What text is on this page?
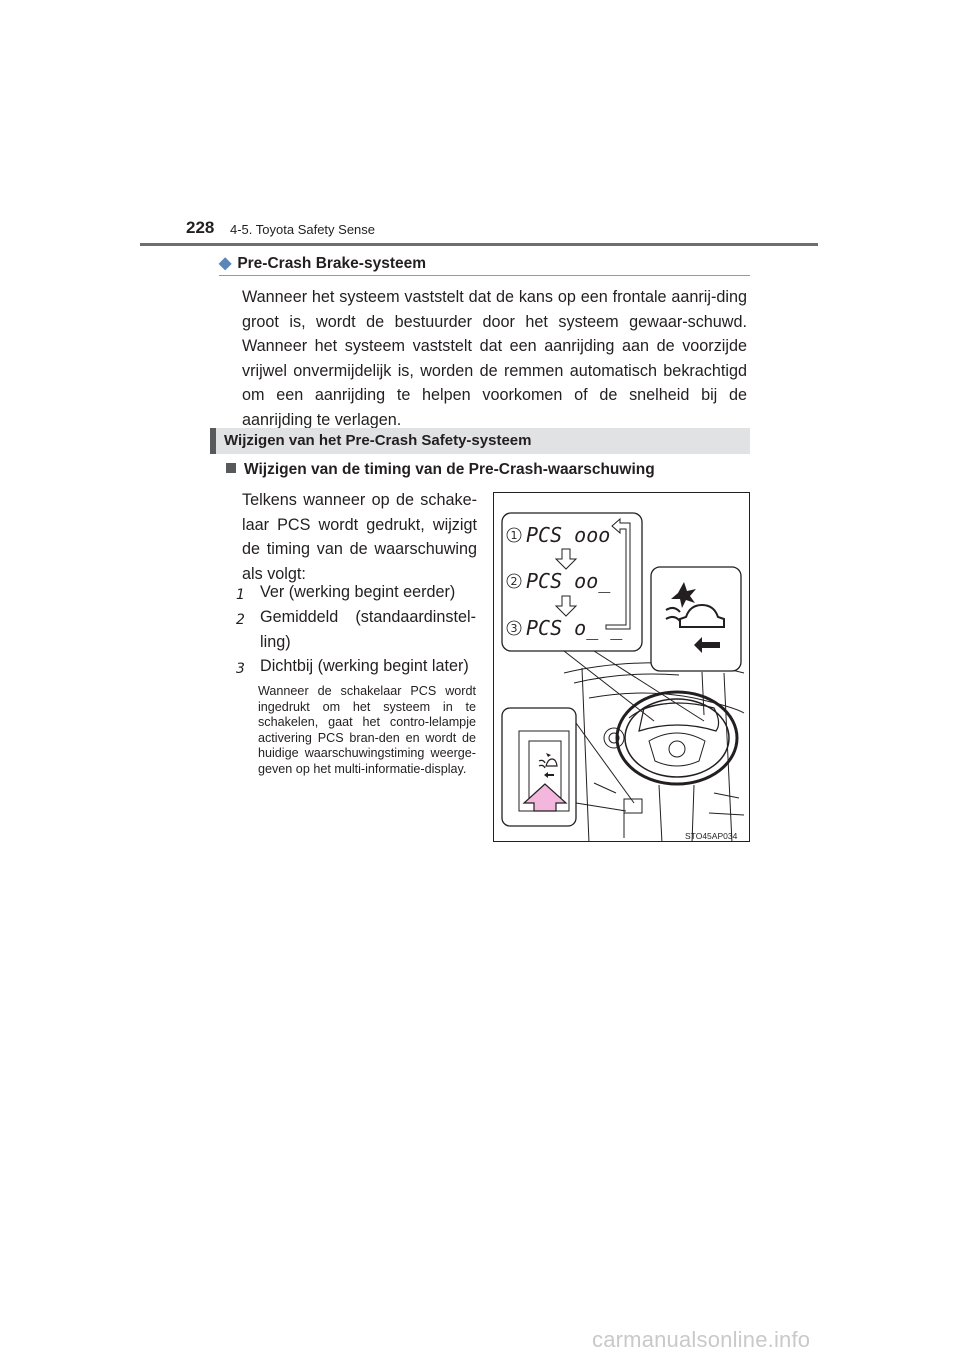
228 4-5. Toyota Safety Sense
◆ Pre-Crash Brake-systeem
Wanneer het systeem vaststelt dat de kans op een frontale aanrij-ding groot is, wordt de bestuurder door het systeem gewaar-schuwd. Wanneer het systeem vaststelt dat een aanrijding aan de voorzijde vrijwel onvermijdelijk is, worden de remmen automatisch bekrachtigd om een aanrijding te helpen voorkomen of de snelheid bij de aanrijding te verlagen.
Wijzigen van het Pre-Crash Safety-systeem
Wijzigen van de timing van de Pre-Crash-waarschuwing
Telkens wanneer op de schake-laar PCS wordt gedrukt, wijzigt de timing van de waarschuwing als volgt:
1 Ver (werking begint eerder)
2 Gemiddeld (standaardinstel-ling)
3 Dichtbij (werking begint later)
Wanneer de schakelaar PCS wordt ingedrukt om het systeem in te schakelen, gaat het contro-lelampje activering PCS bran-den en wordt de huidige waarschuwingstiming weerge-geven op het multi-informatie-display.
1
2
3
PCS ooo
PCS oo_
PCS o_ _
STO45AP034
carmanualsonline.info
